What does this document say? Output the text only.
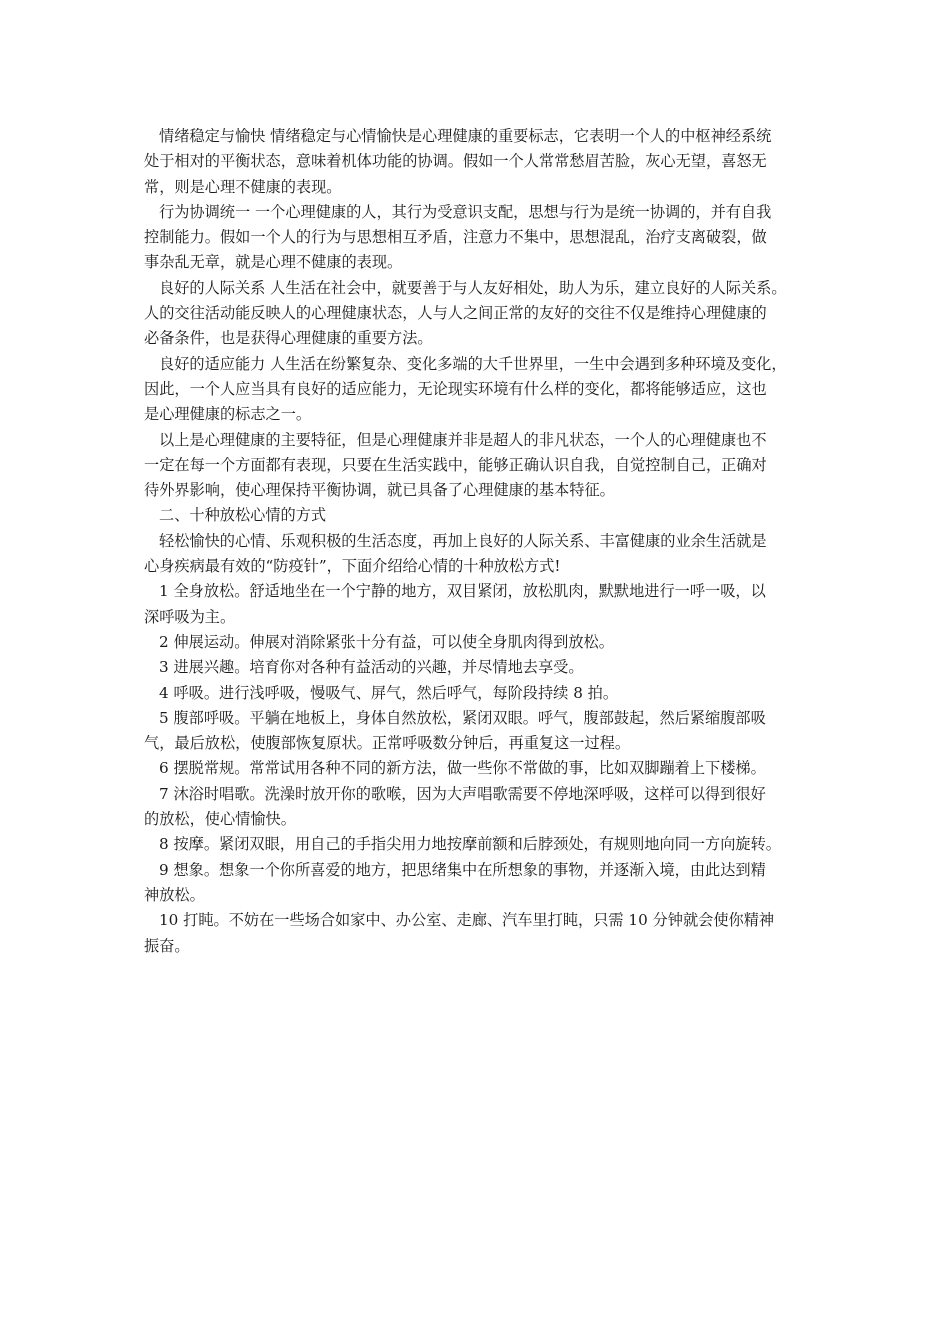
情绪稳定与愉快 情绪稳定与心情愉快是心理健康的重要标志，它表明一个人的中枢神经系统
处于相对的平衡状态，意味着机体功能的协调。假如一个人常常愁眉苦脸，灰心无望，喜怒无
常，则是心理不健康的表现。

行为协调统一 一个心理健康的人，其行为受意识支配，思想与行为是统一协调的，并有自我
控制能力。假如一个人的行为与思想相互矛盾，注意力不集中，思想混乱，治疗支离破裂，做
事杂乱无章，就是心理不健康的表现。

良好的人际关系 人生活在社会中，就要善于与人友好相处，助人为乐，建立良好的人际关系。
人的交往活动能反映人的心理健康状态，人与人之间正常的友好的交往不仅是维持心理健康的
必备条件，也是获得心理健康的重要方法。

良好的适应能力 人生活在纷繁复杂、变化多端的大千世界里，一生中会遇到多种环境及变化，
因此，一个人应当具有良好的适应能力，无论现实环境有什么样的变化，都将能够适应，这也
是心理健康的标志之一。

以上是心理健康的主要特征，但是心理健康并非是超人的非凡状态，一个人的心理健康也不
一定在每一个方面都有表现，只要在生活实践中，能够正确认识自我，自觉控制自己，正确对
待外界影响，使心理保持平衡协调，就已具备了心理健康的基本特征。

二、十种放松心情的方式

轻松愉快的心情、乐观积极的生活态度，再加上良好的人际关系、丰富健康的业余生活就是
心身疾病最有效的“防疫针”，下面介绍给心情的十种放松方式!

1 全身放松。舒适地坐在一个宁静的地方，双目紧闭，放松肌肉，默默地进行一呼一吸，以
深呼吸为主。

2 伸展运动。伸展对消除紧张十分有益，可以使全身肌肉得到放松。

3 进展兴趣。培育你对各种有益活动的兴趣，并尽情地去享受。

4 呼吸。进行浅呼吸，慢吸气、屏气，然后呼气，每阶段持续 8 拍。

5 腹部呼吸。平躺在地板上，身体自然放松，紧闭双眼。呼气，腹部鼓起，然后紧缩腹部吸
气，最后放松，使腹部恢复原状。正常呼吸数分钟后，再重复这一过程。

6 摆脱常规。常常试用各种不同的新方法，做一些你不常做的事，比如双脚蹦着上下楼梯。

7 沐浴时唱歌。洗澡时放开你的歌喉，因为大声唱歌需要不停地深呼吸，这样可以得到很好
的放松，使心情愉快。

8 按摩。紧闭双眼，用自己的手指尖用力地按摩前额和后脖颈处，有规则地向同一方向旋转。

9 想象。想象一个你所喜爱的地方，把思绪集中在所想象的事物，并逐渐入境，由此达到精
神放松。

10 打盹。不妨在一些场合如家中、办公室、走廊、汽车里打盹，只需 10 分钟就会使你精神
振奋。
